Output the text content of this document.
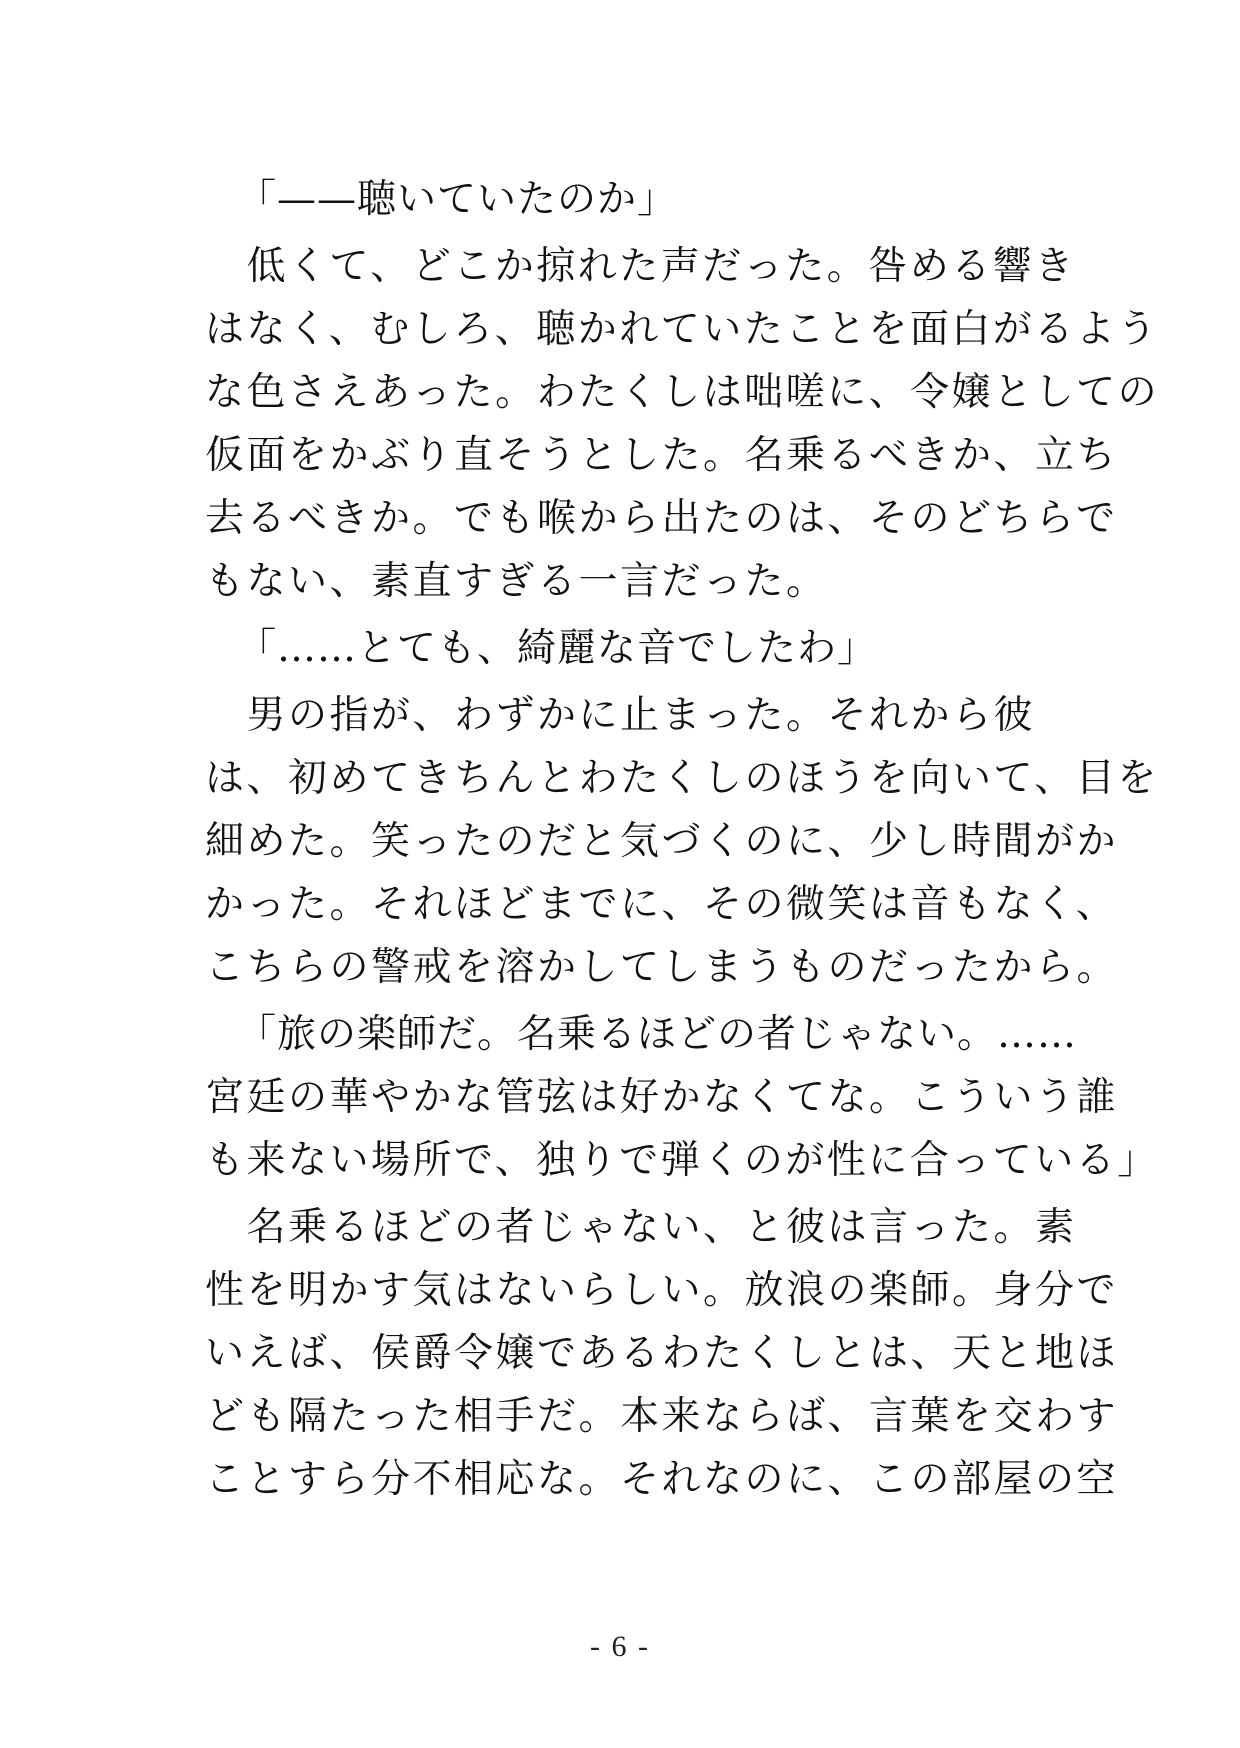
「——聴いていたのか」
　低くて、どこか掠れた声だった。咎める響き
はなく、むしろ、聴かれていたことを面白がるよう
な色さえあった。わたくしは咄嗟に、令嬢としての
仮面をかぶり直そうとした。名乗るべきか、立ち
去るべきか。でも喉から出たのは、そのどちらで
もない、素直すぎる一言だった。
「……とても、綺麗な音でしたわ」
　男の指が、わずかに止まった。それから彼
は、初めてきちんとわたくしのほうを向いて、目を
細めた。笑ったのだと気づくのに、少し時間がか
かった。それほどまでに、その微笑は音もなく、
こちらの警戒を溶かしてしまうものだったから。
「旅の楽師だ。名乗るほどの者じゃない。……
宮廷の華やかな管弦は好かなくてな。こういう誰
も来ない場所で、独りで弾くのが性に合っている」
　名乗るほどの者じゃない、と彼は言った。素
性を明かす気はないらしい。放浪の楽師。身分で
いえば、侯爵令嬢であるわたくしとは、天と地ほ
ども隔たった相手だ。本来ならば、言葉を交わす
ことすら分不相応な。それなのに、この部屋の空
- 6 -
